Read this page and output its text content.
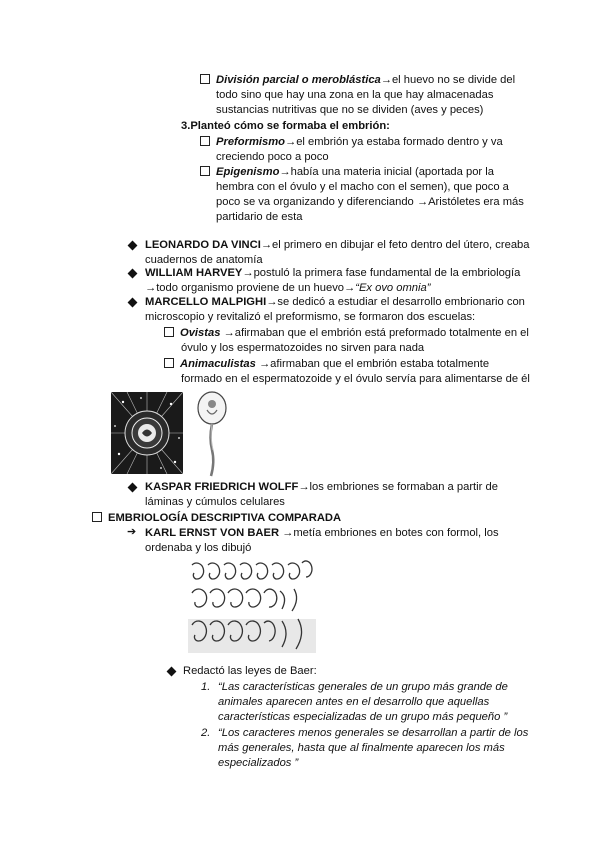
División parcial o meroblástica→el huevo no se divide del
todo sino que hay una zona en la que hay almacenadas
sustancias nutritivas que no se dividen (aves y peces)
3.Planteó cómo se formaba el embrión:
Preformismo→el embrión ya estaba formado dentro y va
creciendo poco a poco
Epigenismo→había una materia inicial (aportada por la
hembra con el óvulo y el macho con el semen), que poco a
poco se va organizando y diferenciando →Aristóletes era más
partidario de esta
LEONARDO DA VINCI→el primero en dibujar el feto dentro del útero, creaba
cuadernos de anatomía
WILLIAM HARVEY→postuló la primera fase fundamental de la embriología
→todo organismo proviene de un huevo→“Ex ovo omnia”
MARCELLO MALPIGHI→se dedicó a estudiar el desarrollo embrionario con
microscopio y revitalizó el preformismo, se formaron dos escuelas:
Ovistas →afirmaban que el embrión está preformado totalmente en el
óvulo y los espermatozoides no sirven para nada
Animaculistas →afirmaban que el embrión estaba totalmente
formado en el espermatozoide y el óvulo servía para alimentarse de él
KASPAR FRIEDRICH WOLFF→los embriones se formaban a partir de
láminas y cúmulos celulares
EMBRIOLOGÍA DESCRIPTIVA COMPARADA
➔ KARL ERNST VON BAER →metía embriones en botes con formol, los
ordenaba y los dibujó
Redactó las leyes de Baer:
1. “Las características generales de un grupo más grande de
animales aparecen antes en el desarrollo que aquellas
características especializadas de un grupo más pequeño ”
2. “Los caracteres menos generales se desarrollan a partir de los
más generales, hasta que al finalmente aparecen los más
especializados ”
